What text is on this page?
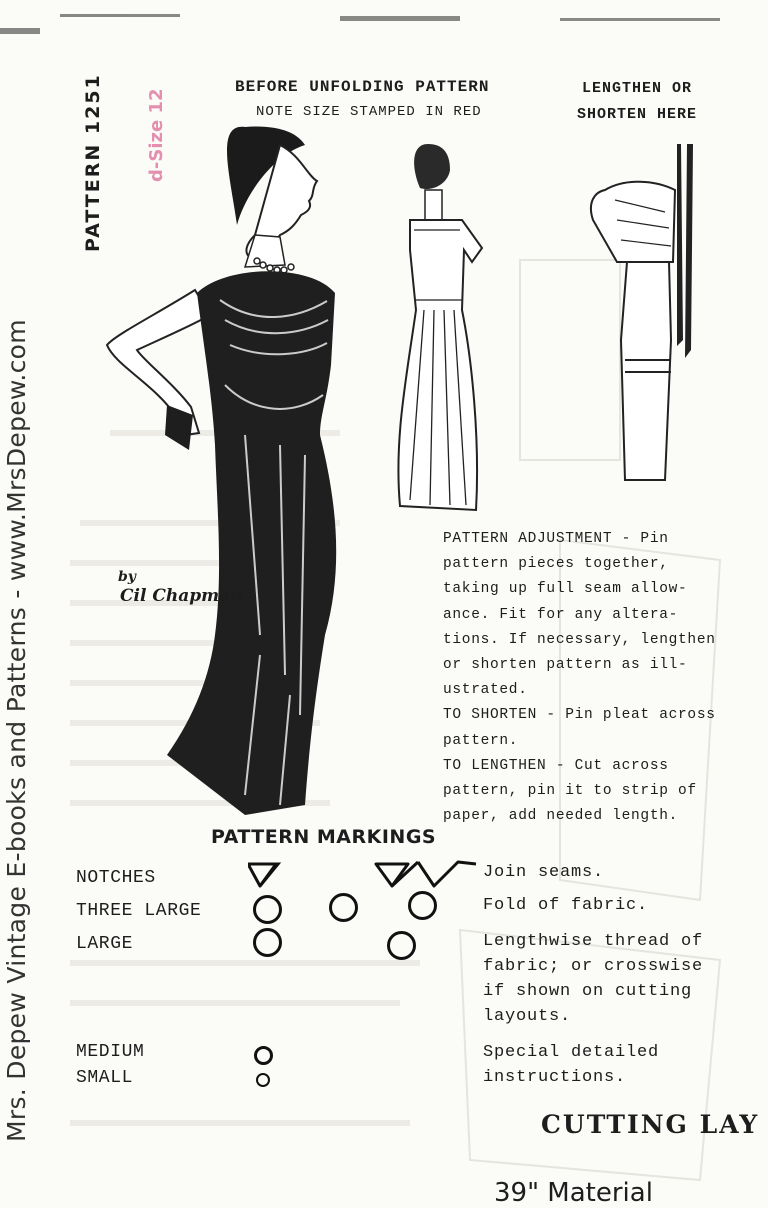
Mrs. Depew Vintage E-books and Patterns - www.MrsDepew.com
PATTERN 1251 d-Size 12
BEFORE UNFOLDING PATTERN
NOTE SIZE STAMPED IN RED
LENGTHEN OR
SHORTEN HERE
by
Cil Chapman

PATTERN ADJUSTMENT - Pin

pattern pieces together,

taking up full seam allow-

ance. Fit for any altera-

tions. If necessary, lengthen

or shorten pattern as ill-

ustrated.

TO SHORTEN - Pin pleat across

pattern.

TO LENGTHEN - Cut across

pattern, pin it to strip of

paper, add needed length.

PATTERN MARKINGS
NOTCHES
THREE LARGE
LARGE
MEDIUM
SMALL
Join seams.
Fold of fabric.
Lengthwise thread of
fabric; or crosswise
if shown on cutting
layouts.
Special detailed
instructions.
CUTTING LAY
39" Material
